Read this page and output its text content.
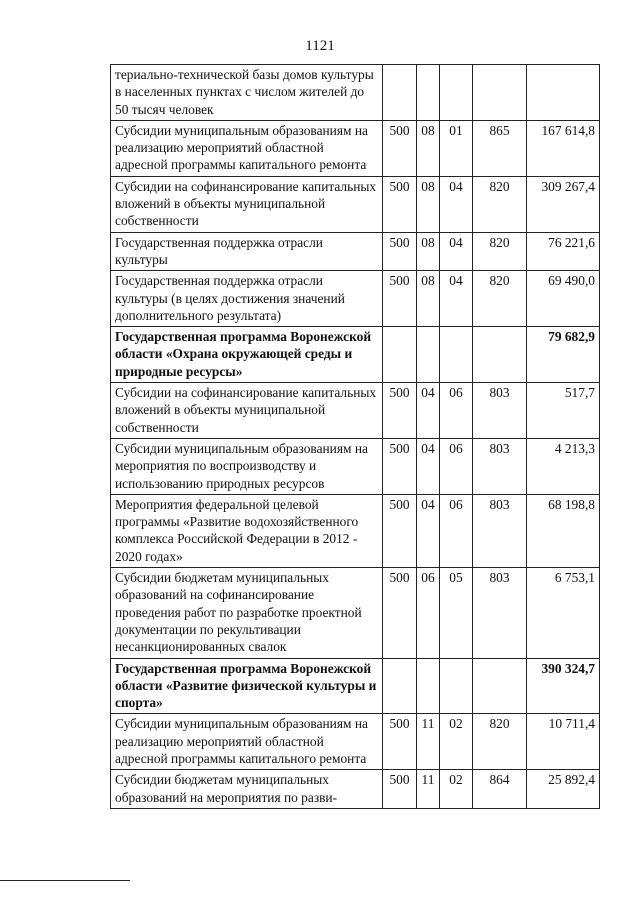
1121
териально-технической базы домов культуры в населенных пунктах с числом жителей до 50 тысяч человек					
Субсидии муниципальным образованиям на реализацию мероприятий областной адресной программы капитального ремонта	500	08	01	865	167 614,8
Субсидии на софинансирование капитальных вложений в объекты муниципальной собственности	500	08	04	820	309 267,4
Государственная поддержка отрасли культуры	500	08	04	820	76 221,6
Государственная поддержка отрасли культуры (в целях достижения значений дополнительного результата)	500	08	04	820	69 490,0
Государственная программа Воронежской области «Охрана окружающей среды и природные ресурсы»					79 682,9
Субсидии на софинансирование капитальных вложений в объекты муниципальной собственности	500	04	06	803	517,7
Субсидии муниципальным образованиям на мероприятия по воспроизводству и использованию природных ресурсов	500	04	06	803	4 213,3
Мероприятия федеральной целевой программы «Развитие водохозяйственного комплекса Российской Федерации в 2012 - 2020 годах»	500	04	06	803	68 198,8
Субсидии бюджетам муниципальных образований на софинансирование проведения работ по разработке проектной документации по рекультивации несанкционированных свалок	500	06	05	803	6 753,1
Государственная программа Воронежской области «Развитие физической культуры и спорта»					390 324,7
Субсидии муниципальным образованиям на реализацию мероприятий областной адресной программы капитального ремонта	500	11	02	820	10 711,4
Субсидии бюджетам муниципальных образований на мероприятия по разви-	500	11	02	864	25 892,4
